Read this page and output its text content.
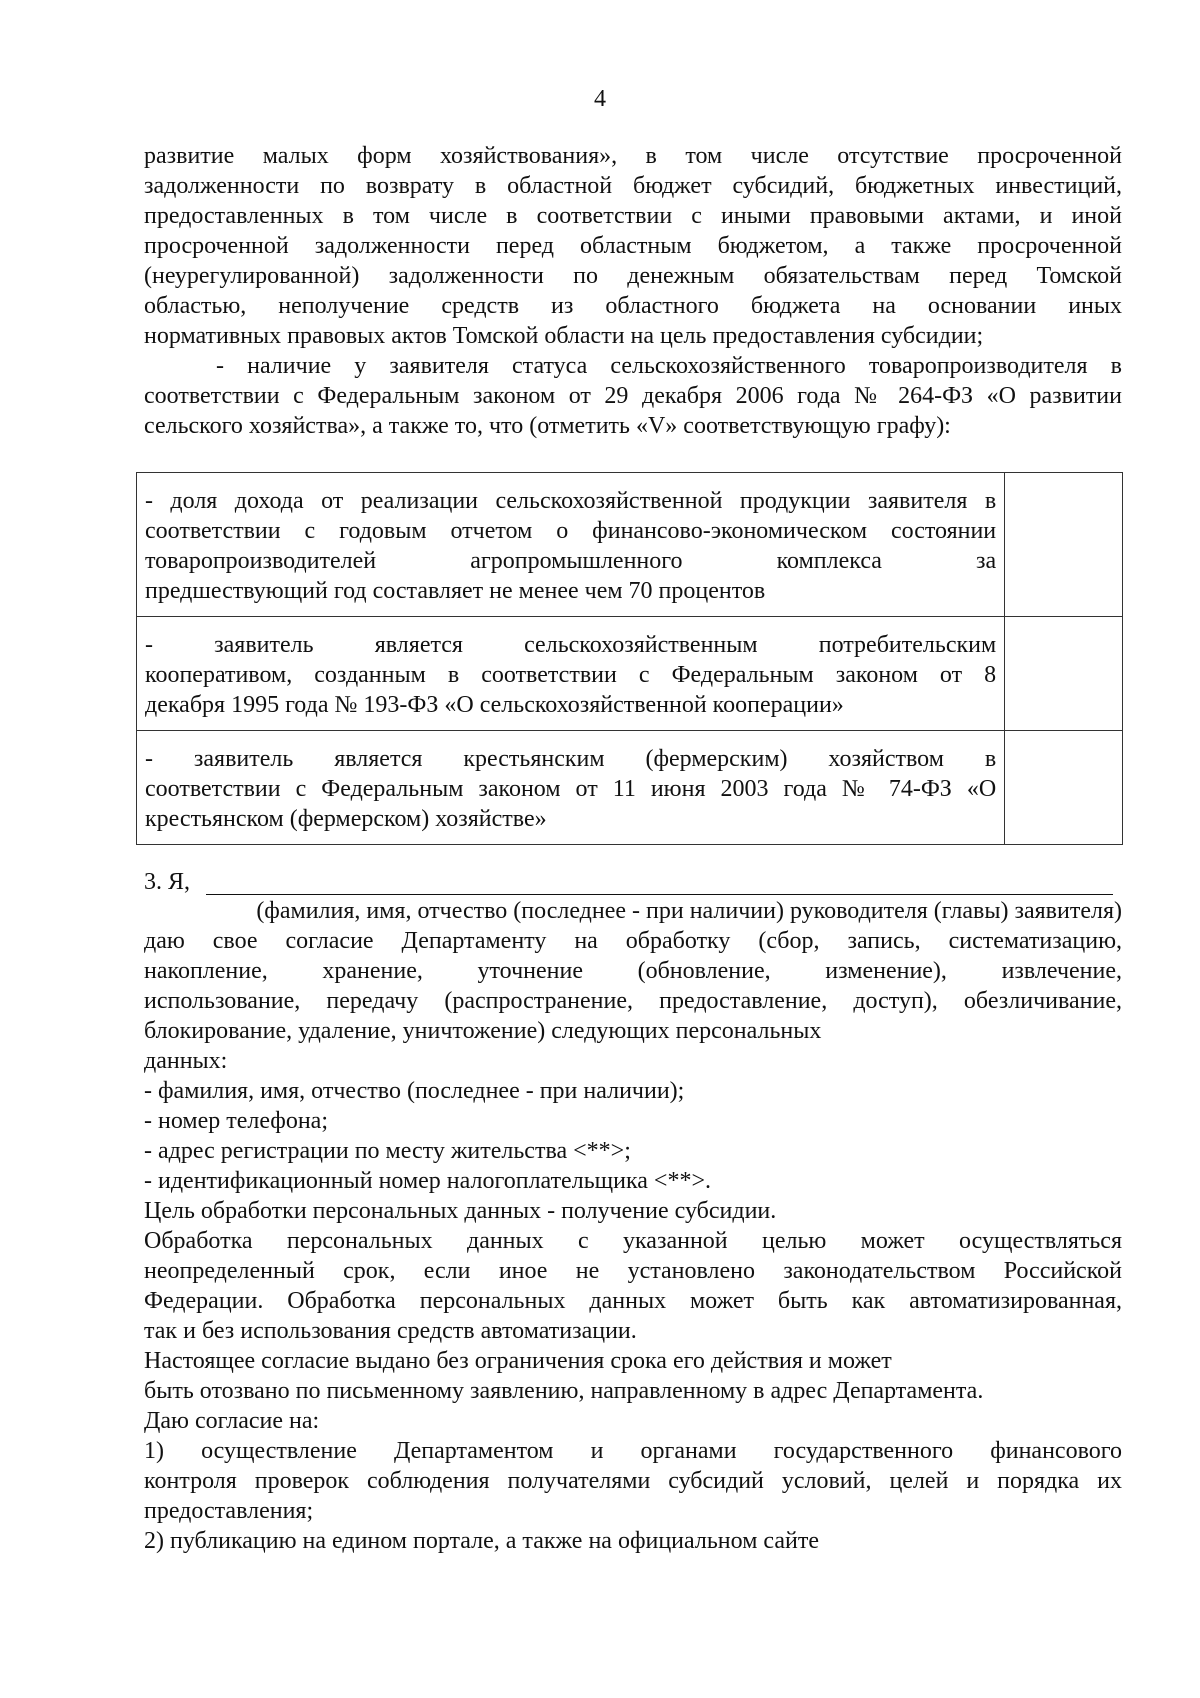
4
развитие малых форм хозяйствования», в том числе отсутствие просроченной
задолженности по возврату в областной бюджет субсидий, бюджетных инвестиций,
предоставленных в том числе в соответствии с иными правовыми актами, и иной
просроченной задолженности перед областным бюджетом, а также просроченной
(неурегулированной) задолженности по денежным обязательствам перед Томской
областью, неполучение средств из областного бюджета на основании иных
нормативных правовых актов Томской области на цель предоставления субсидии;
- наличие у заявителя статуса сельскохозяйственного товаропроизводителя в
соответствии с Федеральным законом от 29 декабря 2006 года № 264-ФЗ «О развитии
сельского хозяйства», а также то, что (отметить «V» соответствующую графу):
- доля дохода от реализации сельскохозяйственной продукции заявителя в
соответствии с годовым отчетом о финансово-экономическом состоянии
товаропроизводителей агропромышленного комплекса за
предшествующий год составляет не менее чем 70 процентов	

- заявитель является сельскохозяйственным потребительским
кооперативом, созданным в соответствии с Федеральным законом от 8
декабря 1995 года № 193-ФЗ «О сельскохозяйственной кооперации»	

- заявитель является крестьянским (фермерским) хозяйством в
соответствии с Федеральным законом от 11 июня 2003 года № 74-ФЗ «О
крестьянском (фермерском) хозяйстве»	

3. Я,
(фамилия, имя, отчество (последнее - при наличии) руководителя (главы) заявителя)
даю свое согласие Департаменту на обработку (сбор, запись, систематизацию,
накопление, хранение, уточнение (обновление, изменение), извлечение,
использование, передачу (распространение, предоставление, доступ), обезличивание,
блокирование, удаление, уничтожение) следующих персональных
данных:
- фамилия, имя, отчество (последнее - при наличии);
- номер телефона;
- адрес регистрации по месту жительства <**>;
- идентификационный номер налогоплательщика <**>.
Цель обработки персональных данных - получение субсидии.
Обработка персональных данных с указанной целью может осуществляться
неопределенный срок, если иное не установлено законодательством Российской
Федерации. Обработка персональных данных может быть как автоматизированная,
так и без использования средств автоматизации.
Настоящее согласие выдано без ограничения срока его действия и может
быть отозвано по письменному заявлению, направленному в адрес Департамента.
Даю согласие на:
1) осуществление Департаментом и органами государственного финансового
контроля проверок соблюдения получателями субсидий условий, целей и порядка их
предоставления;
2) публикацию на едином портале, а также на официальном сайте
